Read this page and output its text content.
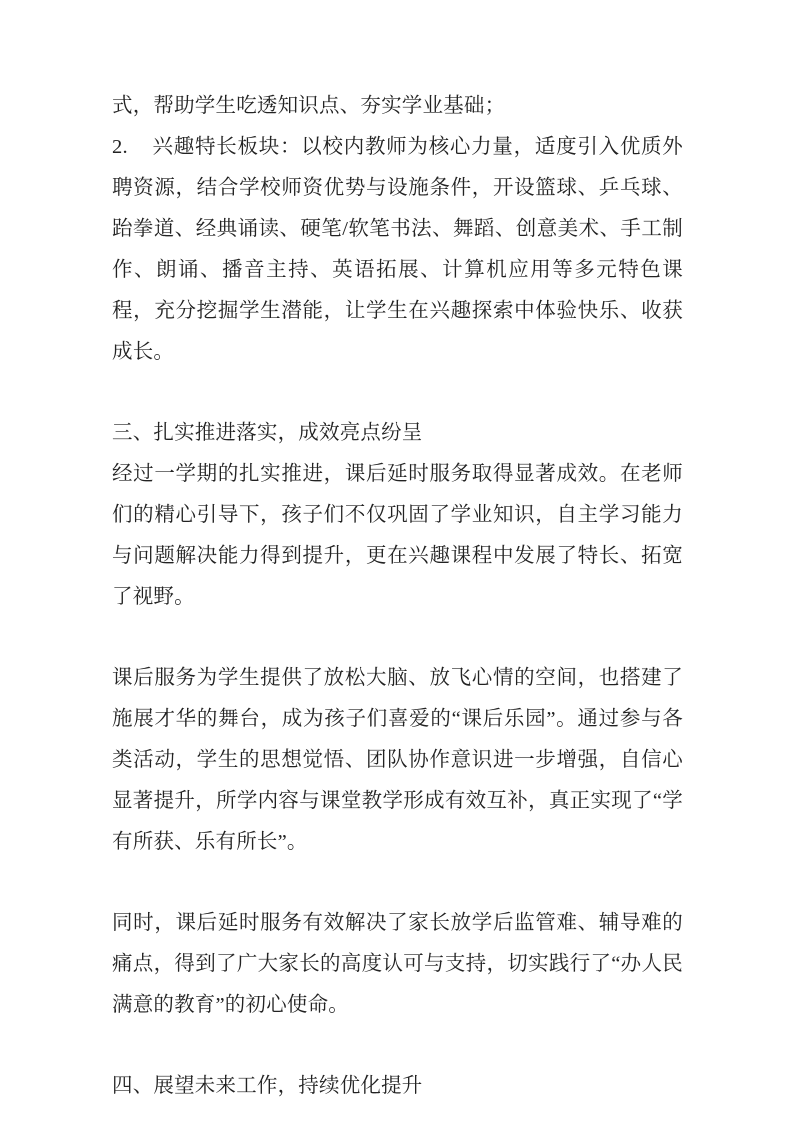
式，帮助学生吃透知识点、夯实学业基础；

2. 兴趣特长板块：以校内教师为核心力量，适度引入优质外聘资源，结合学校师资优势与设施条件，开设篮球、乒乓球、跆拳道、经典诵读、硬笔/软笔书法、舞蹈、创意美术、手工制作、朗诵、播音主持、英语拓展、计算机应用等多元特色课程，充分挖掘学生潜能，让学生在兴趣探索中体验快乐、收获成长。

三、扎实推进落实，成效亮点纷呈

经过一学期的扎实推进，课后延时服务取得显著成效。在老师们的精心引导下，孩子们不仅巩固了学业知识，自主学习能力与问题解决能力得到提升，更在兴趣课程中发展了特长、拓宽了视野。

课后服务为学生提供了放松大脑、放飞心情的空间，也搭建了施展才华的舞台，成为孩子们喜爱的“课后乐园”。通过参与各类活动，学生的思想觉悟、团队协作意识进一步增强，自信心显著提升，所学内容与课堂教学形成有效互补，真正实现了“学有所获、乐有所长”。

同时，课后延时服务有效解决了家长放学后监管难、辅导难的痛点，得到了广大家长的高度认可与支持，切实践行了“办人民满意的教育”的初心使命。

四、展望未来工作，持续优化提升
